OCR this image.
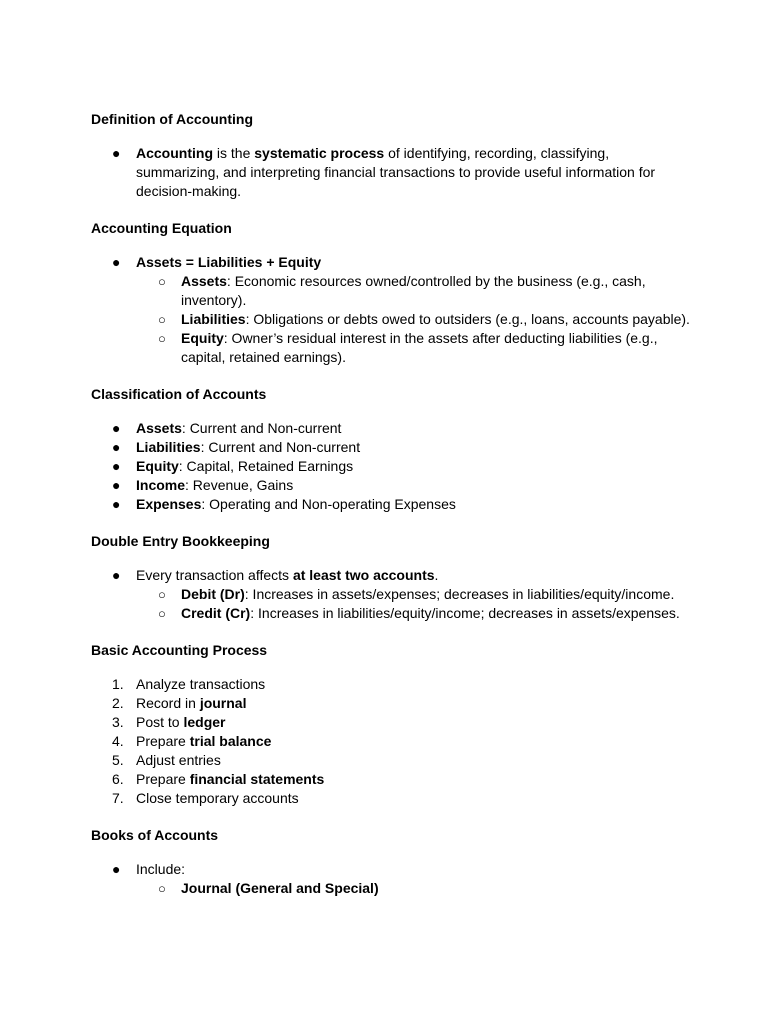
Definition of Accounting
● Accounting is the systematic process of identifying, recording, classifying, summarizing, and interpreting financial transactions to provide useful information for decision-making.
Accounting Equation
● Assets = Liabilities + Equity
○ Assets: Economic resources owned/controlled by the business (e.g., cash, inventory).
○ Liabilities: Obligations or debts owed to outsiders (e.g., loans, accounts payable).
○ Equity: Owner’s residual interest in the assets after deducting liabilities (e.g., capital, retained earnings).
Classification of Accounts
● Assets: Current and Non-current
● Liabilities: Current and Non-current
● Equity: Capital, Retained Earnings
● Income: Revenue, Gains
● Expenses: Operating and Non-operating Expenses
Double Entry Bookkeeping
● Every transaction affects at least two accounts.
○ Debit (Dr): Increases in assets/expenses; decreases in liabilities/equity/income.
○ Credit (Cr): Increases in liabilities/equity/income; decreases in assets/expenses.
Basic Accounting Process
1. Analyze transactions
2. Record in journal
3. Post to ledger
4. Prepare trial balance
5. Adjust entries
6. Prepare financial statements
7. Close temporary accounts
Books of Accounts
● Include:
○ Journal (General and Special)
